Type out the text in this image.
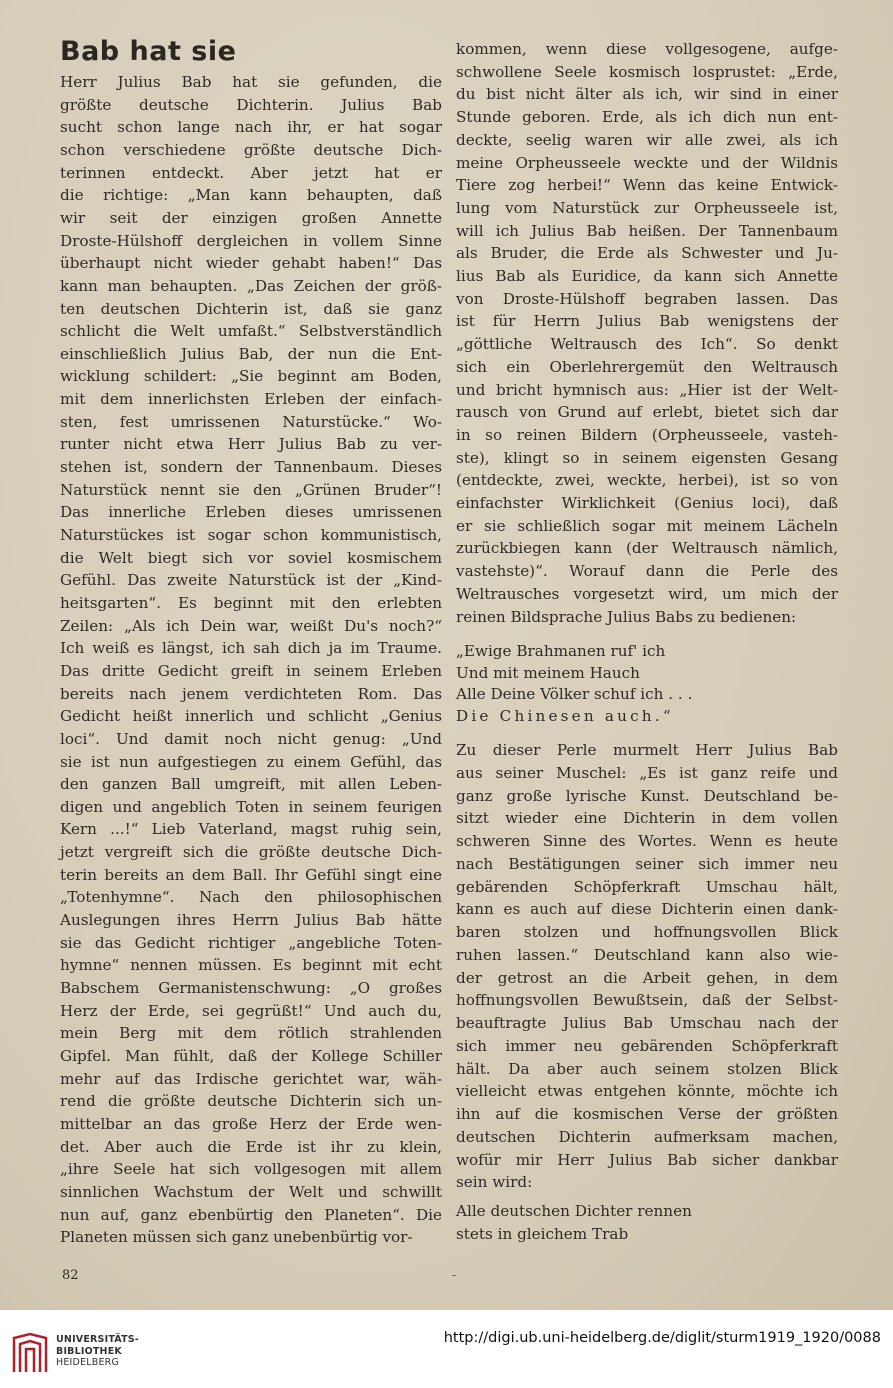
Bab hat sie
Herr Julius Bab hat sie gefunden, die
größte deutsche Dichterin. Julius Bab
sucht schon lange nach ihr, er hat sogar
schon verschiedene größte deutsche Dich-
terinnen entdeckt. Aber jetzt hat er
die richtige: „Man kann behaupten, daß
wir seit der einzigen großen Annette
Droste-Hülshoff dergleichen in vollem Sinne
überhaupt nicht wieder gehabt haben!“ Das
kann man behaupten. „Das Zeichen der größ-
ten deutschen Dichterin ist, daß sie ganz
schlicht die Welt umfaßt.“ Selbstverständlich
einschließlich Julius Bab, der nun die Ent-
wicklung schildert: „Sie beginnt am Boden,
mit dem innerlichsten Erleben der einfach-
sten, fest umrissenen Naturstücke.“ Wo-
runter nicht etwa Herr Julius Bab zu ver-
stehen ist, sondern der Tannenbaum. Dieses
Naturstück nennt sie den „Grünen Bruder“!
Das innerliche Erleben dieses umrissenen
Naturstückes ist sogar schon kommunistisch,
die Welt biegt sich vor soviel kosmischem
Gefühl. Das zweite Naturstück ist der „Kind-
heitsgarten“. Es beginnt mit den erlebten
Zeilen: „Als ich Dein war, weißt Du's noch?“
Ich weiß es längst, ich sah dich ja im Traume.
Das dritte Gedicht greift in seinem Erleben
bereits nach jenem verdichteten Rom. Das
Gedicht heißt innerlich und schlicht „Genius
loci“. Und damit noch nicht genug: „Und
sie ist nun aufgestiegen zu einem Gefühl, das
den ganzen Ball umgreift, mit allen Leben-
digen und angeblich Toten in seinem feurigen
Kern ...!“ Lieb Vaterland, magst ruhig sein,
jetzt vergreift sich die größte deutsche Dich-
terin bereits an dem Ball. Ihr Gefühl singt eine
„Totenhymne“. Nach den philosophischen
Auslegungen ihres Herrn Julius Bab hätte
sie das Gedicht richtiger „angebliche Toten-
hymne“ nennen müssen. Es beginnt mit echt
Babschem Germanistenschwung: „O großes
Herz der Erde, sei gegrüßt!“ Und auch du,
mein Berg mit dem rötlich strahlenden
Gipfel. Man fühlt, daß der Kollege Schiller
mehr auf das Irdische gerichtet war, wäh-
rend die größte deutsche Dichterin sich un-
mittelbar an das große Herz der Erde wen-
det. Aber auch die Erde ist ihr zu klein,
„ihre Seele hat sich vollgesogen mit allem
sinnlichen Wachstum der Welt und schwillt
nun auf, ganz ebenbürtig den Planeten“. Die
Planeten müssen sich ganz unebenbürtig vor-
kommen, wenn diese vollgesogene, aufge-
schwollene Seele kosmisch losprustet: „Erde,
du bist nicht älter als ich, wir sind in einer
Stunde geboren. Erde, als ich dich nun ent-
deckte, seelig waren wir alle zwei, als ich
meine Orpheusseele weckte und der Wildnis
Tiere zog herbei!“ Wenn das keine Entwick-
lung vom Naturstück zur Orpheusseele ist,
will ich Julius Bab heißen. Der Tannenbaum
als Bruder, die Erde als Schwester und Ju-
lius Bab als Euridice, da kann sich Annette
von Droste-Hülshoff begraben lassen. Das
ist für Herrn Julius Bab wenigstens der
„göttliche Weltrausch des Ich“. So denkt
sich ein Oberlehrergemüt den Weltrausch
und bricht hymnisch aus: „Hier ist der Welt-
rausch von Grund auf erlebt, bietet sich dar
in so reinen Bildern (Orpheusseele, vasteh-
ste), klingt so in seinem eigensten Gesang
(entdeckte, zwei, weckte, herbei), ist so von
einfachster Wirklichkeit (Genius loci), daß
er sie schließlich sogar mit meinem Lächeln
zurückbiegen kann (der Weltrausch nämlich,
vastehste)“. Worauf dann die Perle des
Weltrausches vorgesetzt wird, um mich der
reinen Bildsprache Julius Babs zu bedienen:
„Ewige Brahmanen ruf' ich
Und mit meinem Hauch
Alle Deine Völker schuf ich . . .
Die Chinesen auch.“
Zu dieser Perle murmelt Herr Julius Bab
aus seiner Muschel: „Es ist ganz reife und
ganz große lyrische Kunst. Deutschland be-
sitzt wieder eine Dichterin in dem vollen
schweren Sinne des Wortes. Wenn es heute
nach Bestätigungen seiner sich immer neu
gebärenden Schöpferkraft Umschau hält,
kann es auch auf diese Dichterin einen dank-
baren stolzen und hoffnungsvollen Blick
ruhen lassen.“ Deutschland kann also wie-
der getrost an die Arbeit gehen, in dem
hoffnungsvollen Bewußtsein, daß der Selbst-
beauftragte Julius Bab Umschau nach der
sich immer neu gebärenden Schöpferkraft
hält. Da aber auch seinem stolzen Blick
vielleicht etwas entgehen könnte, möchte ich
ihn auf die kosmischen Verse der größten
deutschen Dichterin aufmerksam machen,
wofür mir Herr Julius Bab sicher dankbar
sein wird:
Alle deutschen Dichter rennen
stets in gleichem Trab
82	-
UNIVERSITÄTS-
BIBLIOTHEK
HEIDELBERG
http://digi.ub.uni-heidelberg.de/diglit/sturm1919_1920/0088
